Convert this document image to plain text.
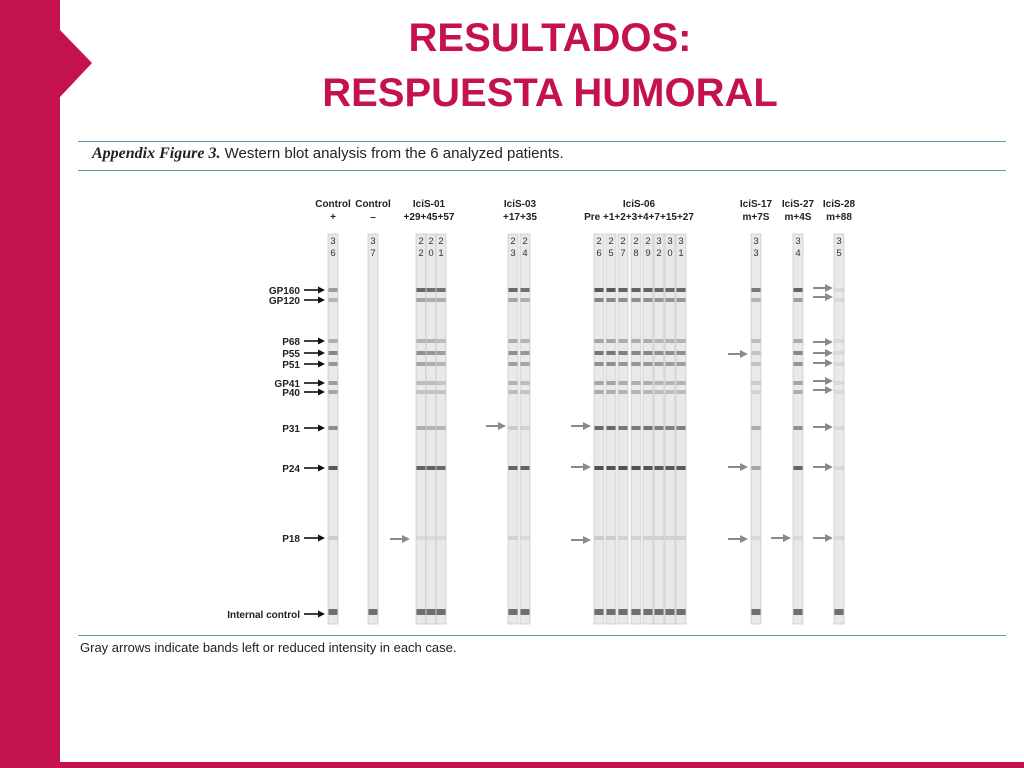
RESULTADOS:
RESPUESTA HUMORAL
Appendix Figure 3. Western blot analysis from the 6 analyzed patients.
Control
+
Control
–
IciS-01
+29+45+57
IciS-03
+17+35
IciS-06
Pre +1+2+3+4+7+15+27
IciS-17
m+7S
IciS-27
m+4S
IciS-28
m+88
3
6
3
7
2
2
2
0
2
1
2
3
2
4
2
6
2
5
2
7
2
8
2
9
3
2
3
0
3
1
3
3
3
4
3
5
GP160
GP120
P68
P55
P51
GP41
P40
P31
P24
P18
Internal control
Gray arrows indicate bands left or reduced intensity in each case.
